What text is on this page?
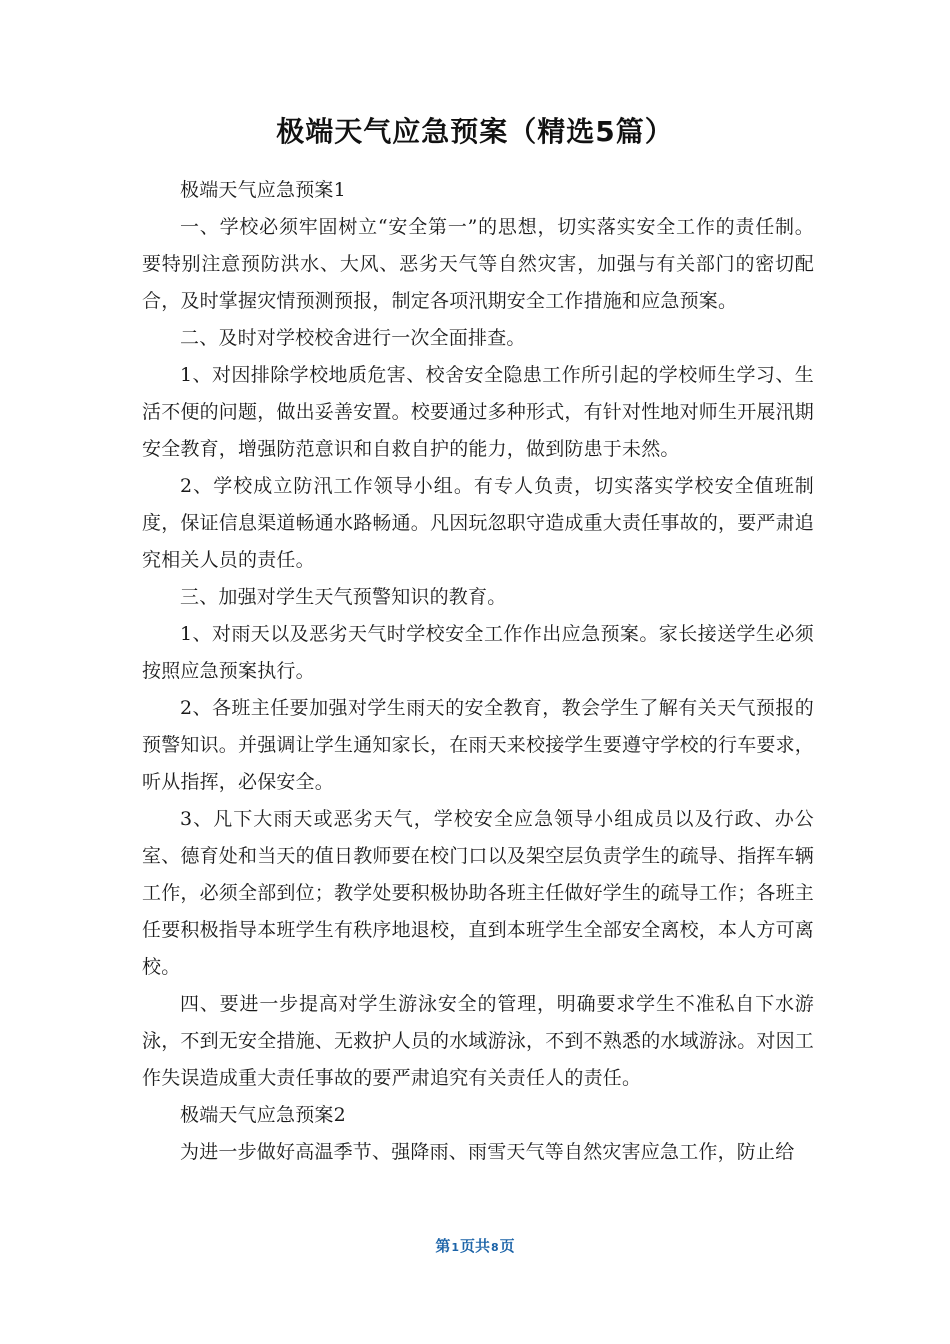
极端天气应急预案（精选5篇）

极端天气应急预案1

一、学校必须牢固树立“安全第一”的思想，切实落实安全工作的责任制。要特别注意预防洪水、大风、恶劣天气等自然灾害，加强与有关部门的密切配合，及时掌握灾情预测预报，制定各项汛期安全工作措施和应急预案。

二、及时对学校校舍进行一次全面排查。

1、对因排除学校地质危害、校舍安全隐患工作所引起的学校师生学习、生活不便的问题，做出妥善安置。校要通过多种形式，有针对性地对师生开展汛期安全教育，增强防范意识和自救自护的能力，做到防患于未然。

2、学校成立防汛工作领导小组。有专人负责，切实落实学校安全值班制度，保证信息渠道畅通水路畅通。凡因玩忽职守造成重大责任事故的，要严肃追究相关人员的责任。

三、加强对学生天气预警知识的教育。

1、对雨天以及恶劣天气时学校安全工作作出应急预案。家长接送学生必须按照应急预案执行。

2、各班主任要加强对学生雨天的安全教育，教会学生了解有关天气预报的预警知识。并强调让学生通知家长，在雨天来校接学生要遵守学校的行车要求，听从指挥，必保安全。

3、凡下大雨天或恶劣天气，学校安全应急领导小组成员以及行政、办公室、德育处和当天的值日教师要在校门口以及架空层负责学生的疏导、指挥车辆工作，必须全部到位；教学处要积极协助各班主任做好学生的疏导工作；各班主任要积极指导本班学生有秩序地退校，直到本班学生全部安全离校，本人方可离校。

四、要进一步提高对学生游泳安全的管理，明确要求学生不准私自下水游泳，不到无安全措施、无救护人员的水域游泳，不到不熟悉的水域游泳。对因工作失误造成重大责任事故的要严肃追究有关责任人的责任。

极端天气应急预案2

为进一步做好高温季节、强降雨、雨雪天气等自然灾害应急工作，防止给

第1页共8页
